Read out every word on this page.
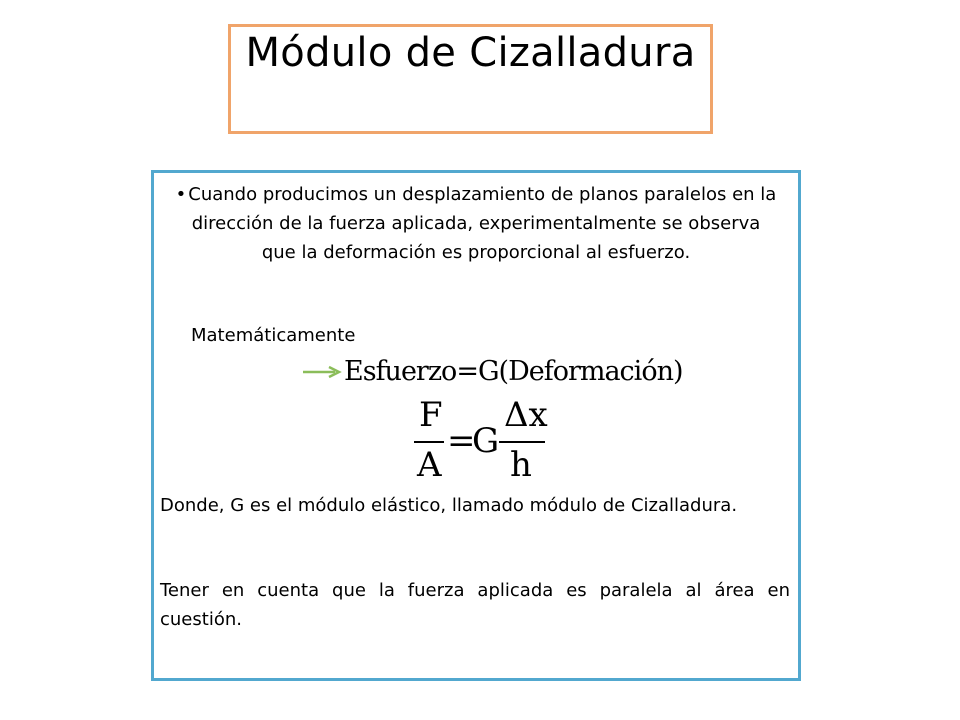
Módulo de Cizalladura
• Cuando producimos un desplazamiento de planos paralelos en la dirección de la fuerza aplicada, experimentalmente se observa que la deformación es proporcional al esfuerzo.
Matemáticamente
Esfuerzo=G(Deformación)
F
A
=
G
Δx
h
Donde, G es el módulo elástico, llamado módulo de Cizalladura.
Tener en cuenta que la fuerza aplicada es paralela al área en cuestión.
